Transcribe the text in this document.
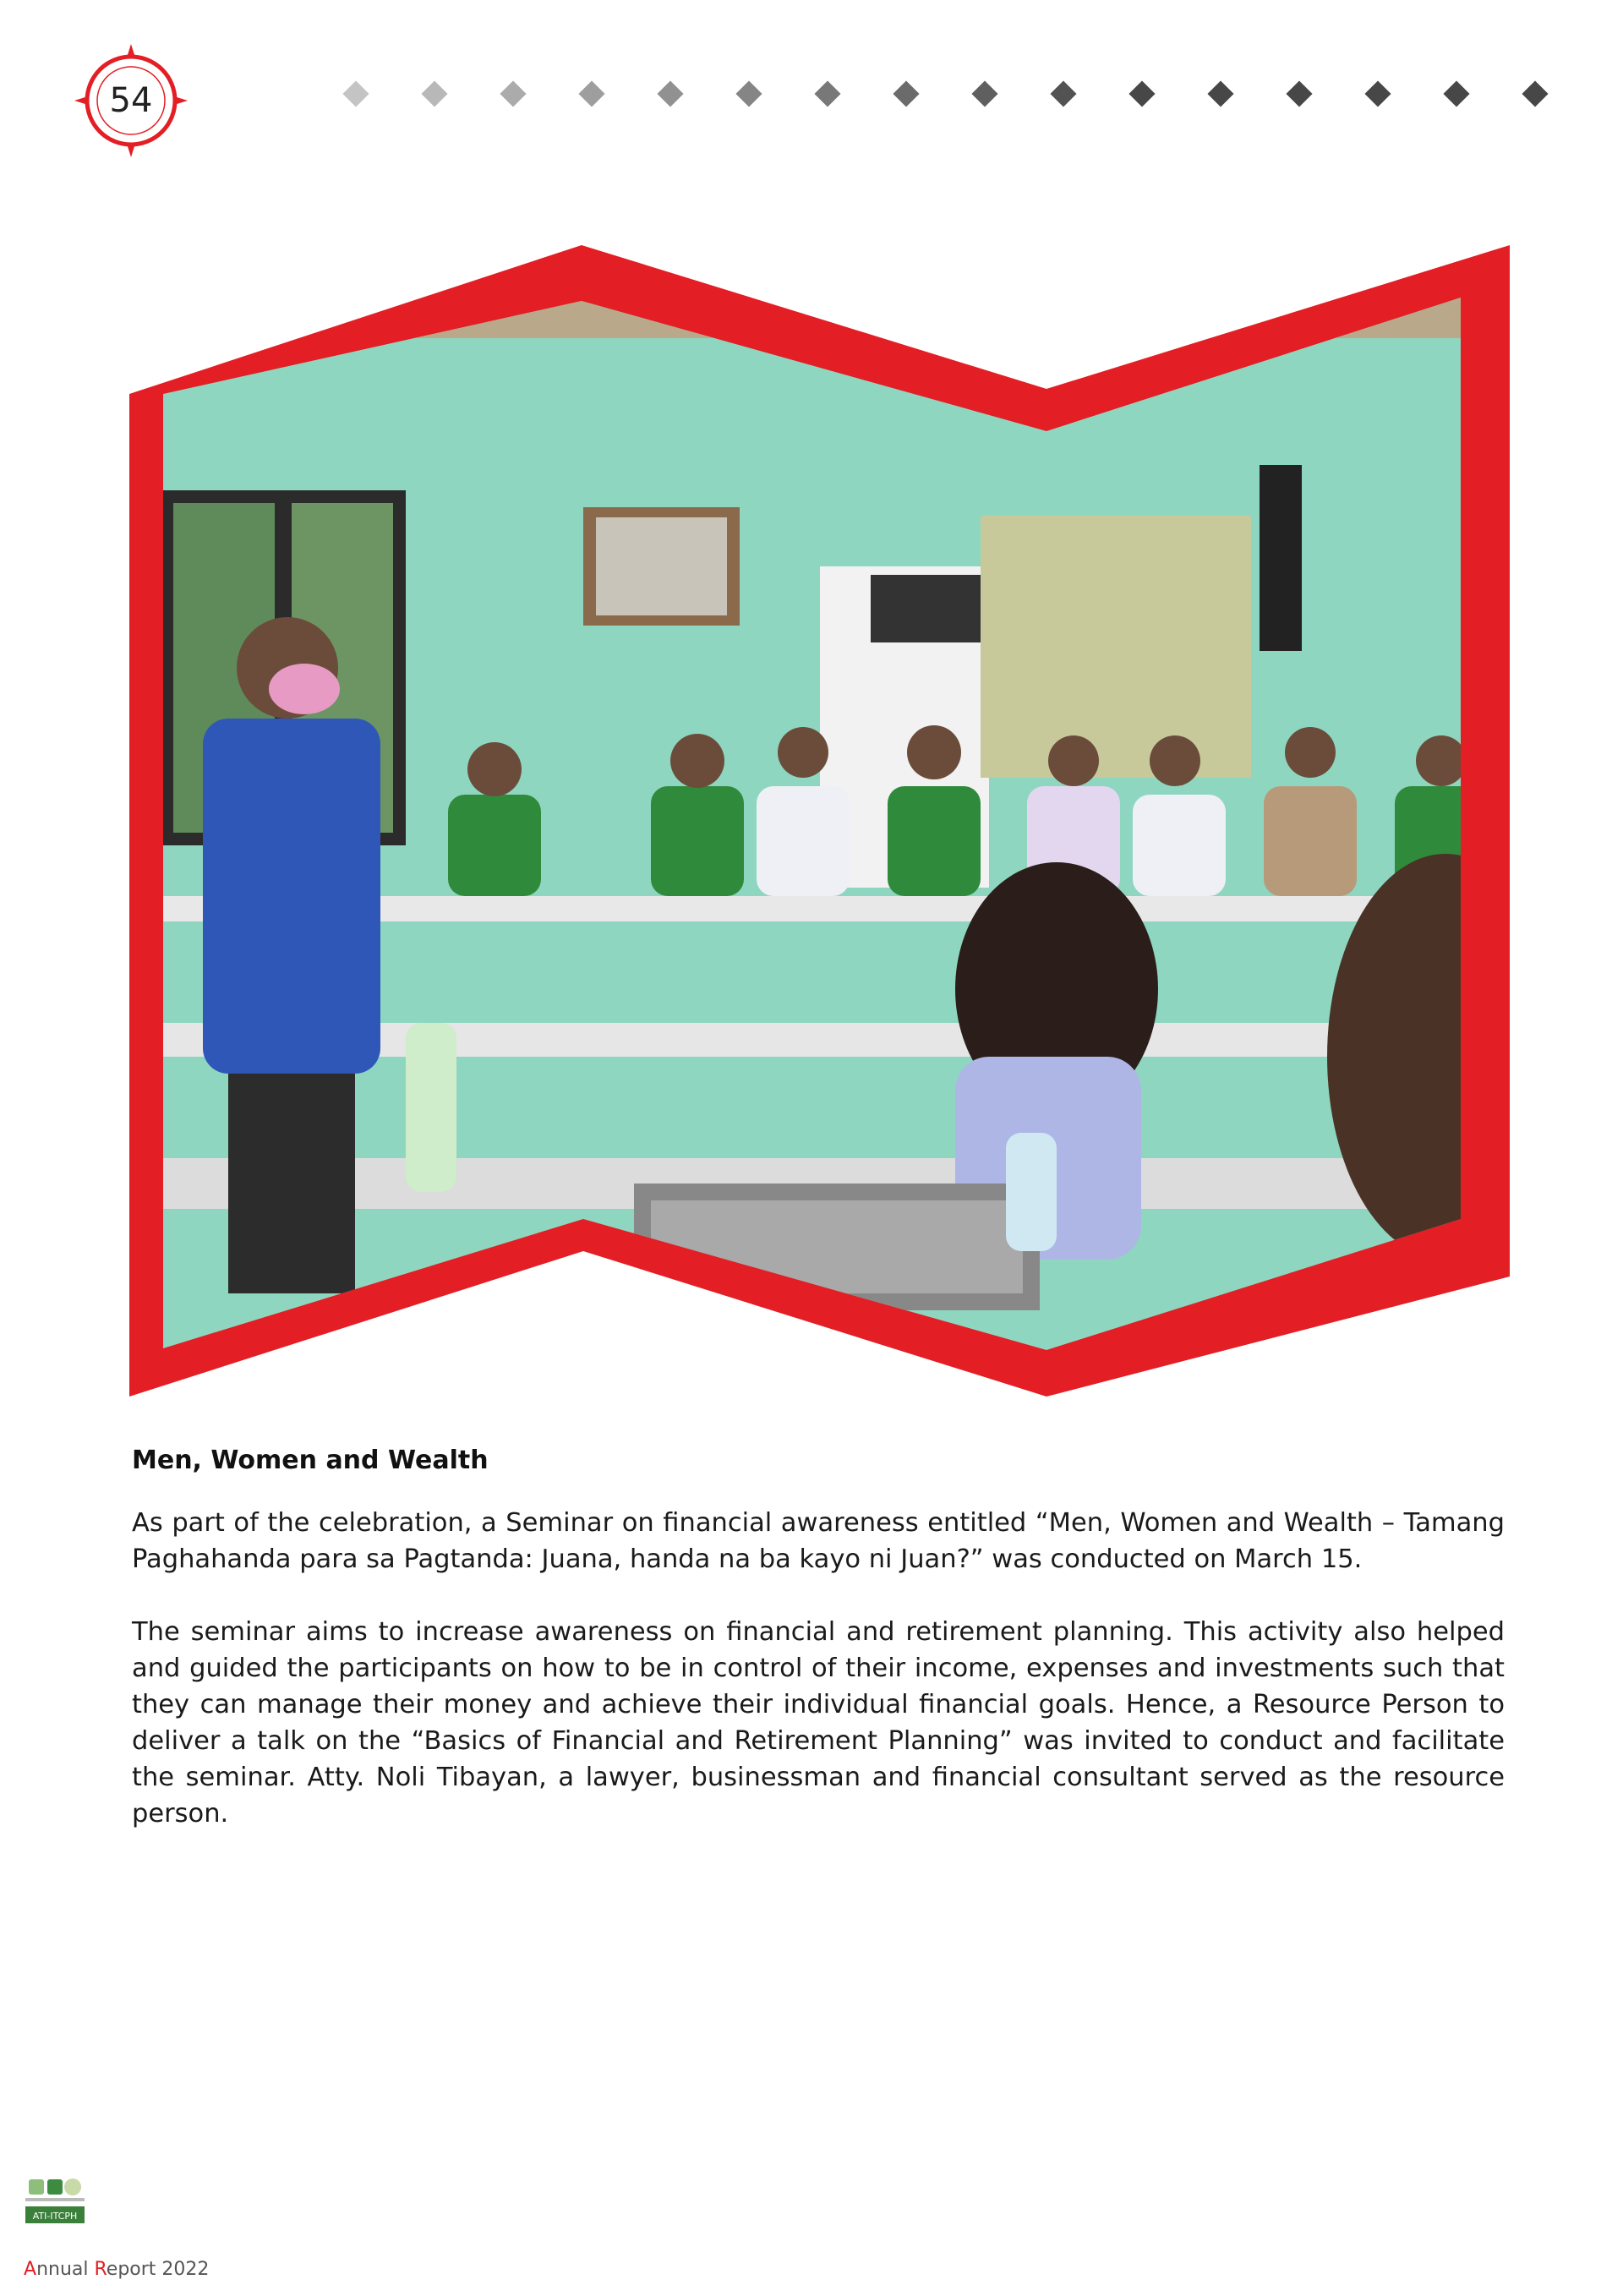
54
Men, Women and Wealth

As part of the celebration, a Seminar on financial awareness entitled “Men, Women and Wealth – Tamang Paghahanda para sa Pagtanda: Juana, handa na ba kayo ni Juan?” was conducted on March 15.

The seminar aims to increase awareness on financial and retirement planning. This activity also helped and guided the participants on how to be in control of their income, expenses and investments such that they can manage their money and achieve their individual financial goals. Hence, a Resource Person to deliver a talk on the “Basics of Financial and Retirement Planning” was invited to conduct and facilitate the seminar. Atty. Noli Tibayan, a lawyer, businessman and financial consultant served as the resource person.

ATI-ITCPH
Annual Report 2022
